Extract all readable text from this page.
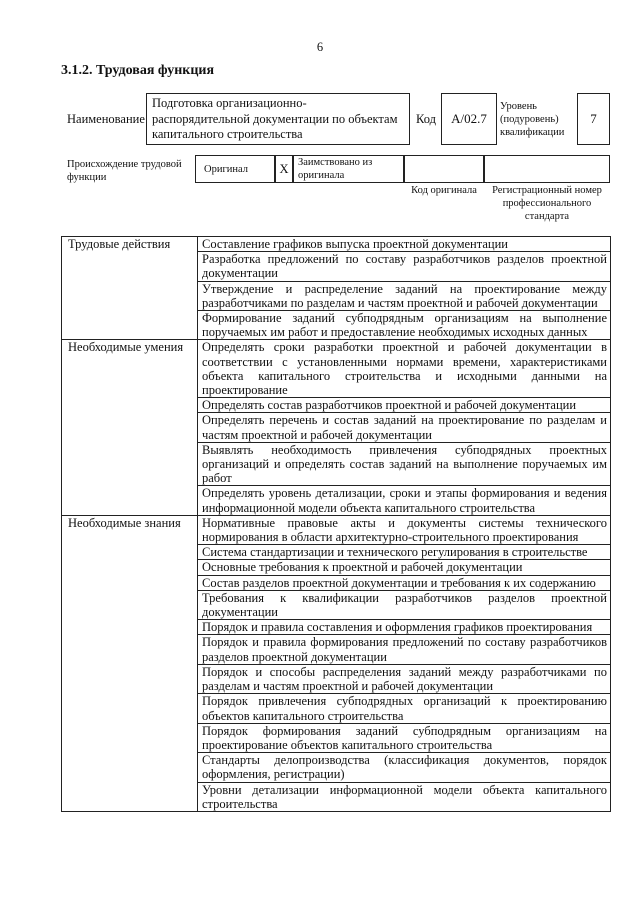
6
3.1.2. Трудовая функция
Наименование
Подготовка организационно-распорядительной документации по объектам капитального строительства
Код	А/02.7
Уровень (подуровень) квалификации
7
Происхождение трудовой функции
Оригинал	X Заимствовано из оригинала
Код оригинала	Регистрационный номер профессионального стандарта
Трудовые действия	Составление графиков выпуска проектной документации
	Разработка предложений по составу разработчиков разделов проектной документации
	Утверждение и распределение заданий на проектирование между разработчиками по разделам и частям проектной и рабочей документации
	Формирование заданий субподрядным организациям на выполнение поручаемых им работ и предоставление необходимых исходных данных
Необходимые умения	Определять сроки разработки проектной и рабочей документации в соответствии с установленными нормами времени, характеристиками объекта капитального строительства и исходными данными на проектирование
	Определять состав разработчиков проектной и рабочей документации
	Определять перечень и состав заданий на проектирование по разделам и частям проектной и рабочей документации
	Выявлять необходимость привлечения субподрядных проектных организаций и определять состав заданий на выполнение поручаемых им работ
	Определять уровень детализации, сроки и этапы формирования и ведения информационной модели объекта капитального строительства
Необходимые знания	Нормативные правовые акты и документы системы технического нормирования в области архитектурно-строительного проектирования
	Система стандартизации и технического регулирования в строительстве
	Основные требования к проектной и рабочей документации
	Состав разделов проектной документации и требования к их содержанию
	Требования к квалификации разработчиков разделов проектной документации
	Порядок и правила составления и оформления графиков проектирования
	Порядок и правила формирования предложений по составу разработчиков разделов проектной документации
	Порядок и способы распределения заданий между разработчиками по разделам и частям проектной и рабочей документации
	Порядок привлечения субподрядных организаций к проектированию объектов капитального строительства
	Порядок формирования заданий субподрядным организациям на проектирование объектов капитального строительства
	Стандарты делопроизводства (классификация документов, порядок оформления, регистрации)
	Уровни детализации информационной модели объекта капитального строительства
